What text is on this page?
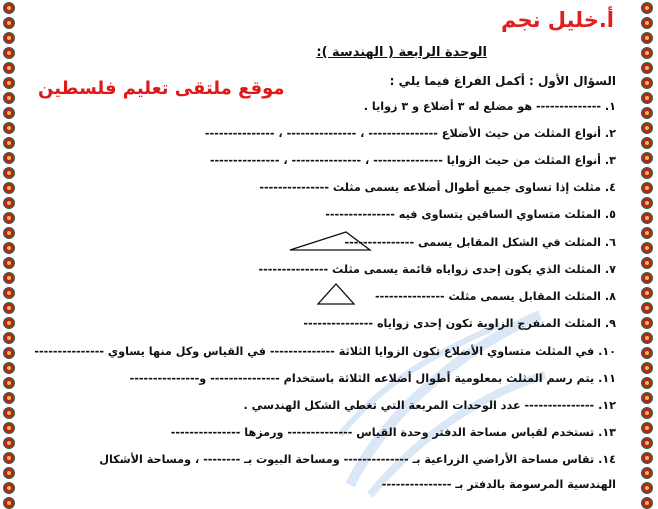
أ.خليل نجم
الوحدة الرابعة ( الهندسة ):
موقع ملتقى تعليم فلسطين	السؤال الأول : أكمل الفراغ فيما يلي :
١. -------------- هو مضلع له ٣ أضلاع و ٣ زوايا .
٢. أنواع المثلث من حيث الأضلاع --------------- ، --------------- ، ---------------
٣. أنواع المثلث من حيث الزوايا --------------- ، --------------- ، ---------------
٤. مثلث إذا تساوى جميع أطوال أضلاعه يسمى مثلث ---------------
٥. المثلث متساوي الساقين يتساوى فيه ---------------
٦. المثلث في الشكل المقابل يسمى ---------------
٧. المثلث الذي يكون إحدى زواياه قائمة يسمى مثلث ---------------
٨. المثلث المقابل يسمى مثلث ---------------
٩. المثلث المنفرج الزاوية تكون إحدى زواياه ---------------
١٠. في المثلث متساوي الأضلاع تكون الزوايا الثلاثة -------------- في القياس وكل منها يساوي ---------------
١١. يتم رسم المثلث بمعلومية أطوال أضلاعه الثلاثة باستخدام --------------- و---------------
١٢. --------------- عدد الوحدات المربعة التي تغطي الشكل الهندسي .
١٣. تستخدم لقياس مساحة الدفتر وحدة القياس -------------- ورمزها ---------------
١٤. تقاس مساحة الأراضي الزراعية بـ -------------- ومساحة البيوت بـ -------- ، ومساحة الأشكال
الهندسية المرسومة بالدفتر بـ ---------------
